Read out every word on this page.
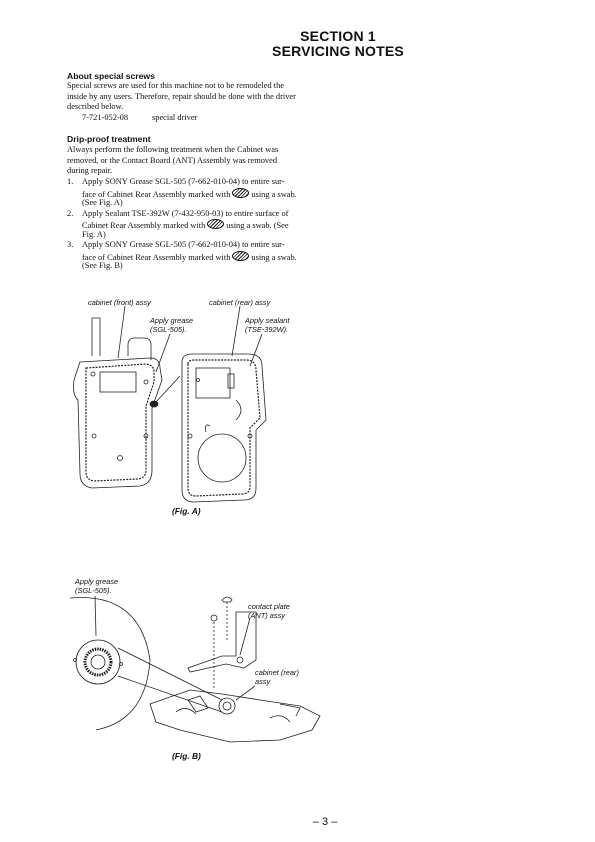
SECTION 1
SERVICING NOTES
About special screws
Special screws are used for this machine not to be remodeled the
inside by any users. Therefore, repair should be done with the driver
described below.
7-721-052-08	special driver
Drip-proof treatment
Always perform the following treatment when the Cabinet was
removed, or the Contact Board (ANT) Assembly was removed
during repair.
1. Apply SONY Grease SGL-505 (7-662-010-04) to entire sur-
face of Cabinet Rear Assembly marked with	using a swab.
(See Fig. A)
2. Apply Sealant TSE-392W (7-432-950-03) to entire surface of
Cabinet Rear Assembly marked with	using a swab. (See
Fig. A)
3. Apply SONY Grease SGL-505 (7-662-010-04) to entire sur-
face of Cabinet Rear Assembly marked with	using a swab.
(See Fig. B)
cabinet (front) assy	cabinet (rear) assy
Apply grease
(SGL-505).
Apply sealant
(TSE-392W).
(Fig. A)
Apply grease
(SGL-505).
contact plate
(ANT) assy
cabinet (rear)
assy
(Fig. B)
– 3 –
